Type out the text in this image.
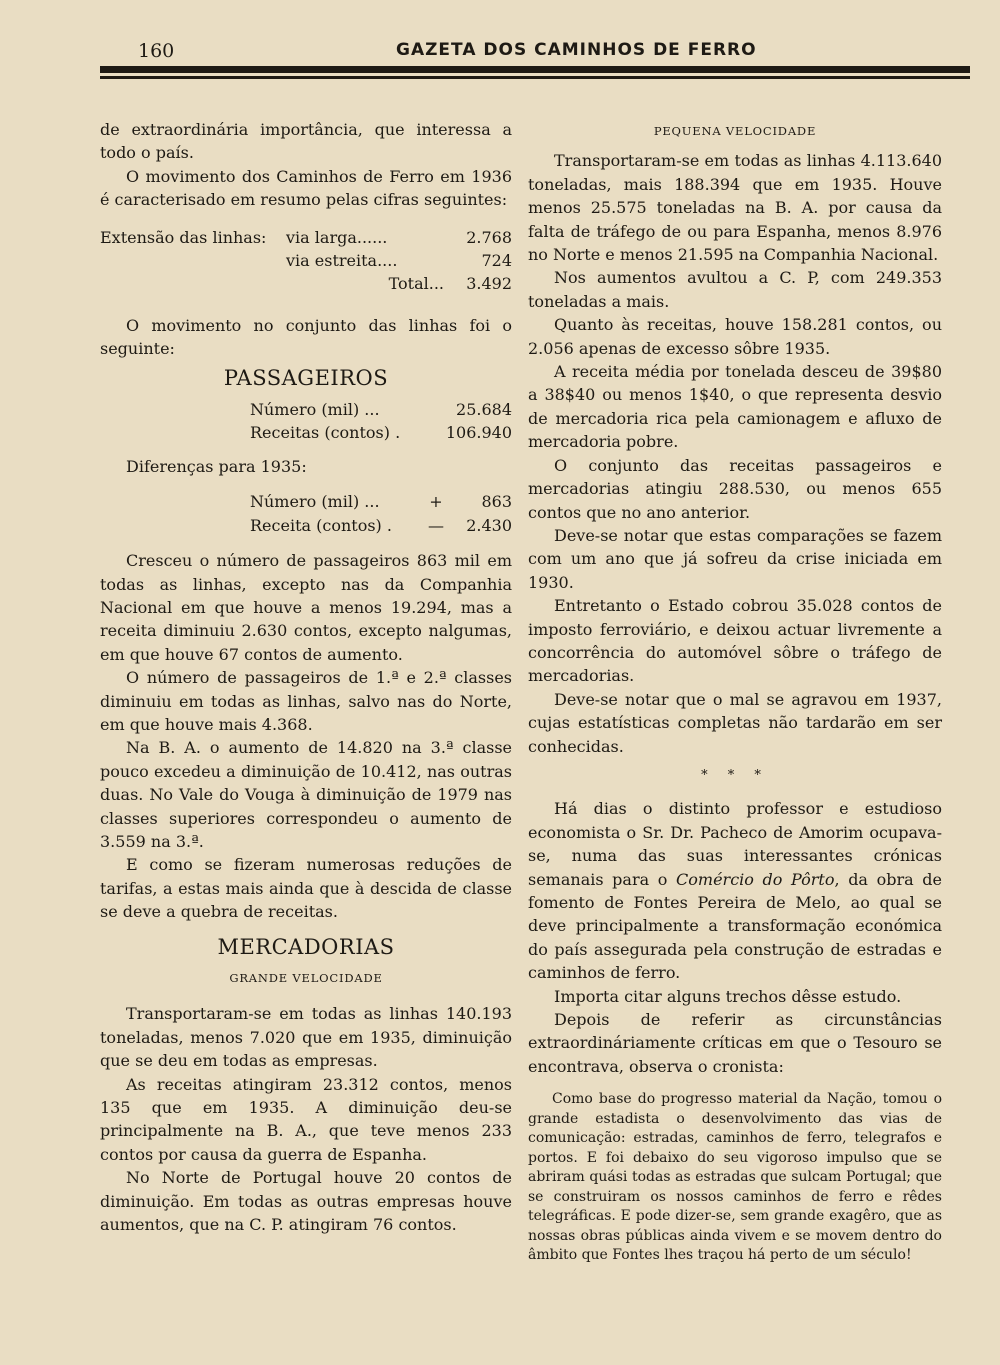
160	GAZETA DOS CAMINHOS DE FERRO

de extraordinária importância, que interessa a todo o país.

O movimento dos Caminhos de Ferro em 1936 é caracterisado em resumo pelas cifras seguintes:

Extensão das linhas:	via larga......	2.768
	via estreita....	724
	Total...	3.492

O movimento no conjunto das linhas foi o seguinte:

PASSAGEIROS
Número (mil) ...		25.684
Receitas (contos) .		106.940

Diferenças para 1935:

Número (mil) ...	+	863
Receita (contos) .	—	2.430

Cresceu o número de passageiros 863 mil em todas as linhas, excepto nas da Companhia Nacional em que houve a menos 19.294, mas a receita diminuiu 2.630 contos, excepto nalgumas, em que houve 67 contos de aumento.

O número de passageiros de 1.ª e 2.ª classes diminuiu em todas as linhas, salvo nas do Norte, em que houve mais 4.368.

Na B. A. o aumento de 14.820 na 3.ª classe pouco excedeu a diminuição de 10.412, nas outras duas. No Vale do Vouga à diminuição de 1979 nas classes superiores correspondeu o aumento de 3.559 na 3.ª.

E como se fizeram numerosas reduções de tarifas, a estas mais ainda que à descida de classe se deve a quebra de receitas.

MERCADORIAS
GRANDE VELOCIDADE

Transportaram-se em todas as linhas 140.193 toneladas, menos 7.020 que em 1935, diminuição que se deu em todas as empresas.

As receitas atingiram 23.312 contos, menos 135 que em 1935. A diminuição deu-se principalmente na B. A., que teve menos 233 contos por causa da guerra de Espanha.

No Norte de Portugal houve 20 contos de diminuição. Em todas as outras empresas houve aumentos, que na C. P. atingiram 76 contos.

PEQUENA VELOCIDADE

Transportaram-se em todas as linhas 4.113.640 toneladas, mais 188.394 que em 1935. Houve menos 25.575 toneladas na B. A. por causa da falta de tráfego de ou para Espanha, menos 8.976 no Norte e menos 21.595 na Companhia Nacional.

Nos aumentos avultou a C. P, com 249.353 toneladas a mais.

Quanto às receitas, houve 158.281 contos, ou 2.056 apenas de excesso sôbre 1935.

A receita média por tonelada desceu de 39$80 a 38$40 ou menos 1$40, o que representa desvio de mercadoria rica pela camionagem e afluxo de mercadoria pobre.

O conjunto das receitas passageiros e mercadorias atingiu 288.530, ou menos 655 contos que no ano anterior.

Deve-se notar que estas comparações se fazem com um ano que já sofreu da crise iniciada em 1930.

Entretanto o Estado cobrou 35.028 contos de imposto ferroviário, e deixou actuar livremente a concorrência do automóvel sôbre o tráfego de mercadorias.

Deve-se notar que o mal se agravou em 1937, cujas estatísticas completas não tardarão em ser conhecidas.

* * *

Há dias o distinto professor e estudioso economista o Sr. Dr. Pacheco de Amorim ocupava-se, numa das suas interessantes crónicas semanais para o Comércio do Pôrto, da obra de fomento de Fontes Pereira de Melo, ao qual se deve principalmente a transformação económica do país assegurada pela construção de estradas e caminhos de ferro.

Importa citar alguns trechos dêsse estudo.

Depois de referir as circunstâncias extraordináriamente críticas em que o Tesouro se encontrava, observa o cronista:

Como base do progresso material da Nação, tomou o grande estadista o desenvolvimento das vias de comunicação: estradas, caminhos de ferro, telegrafos e portos. E foi debaixo do seu vigoroso impulso que se abriram quási todas as estradas que sulcam Portugal; que se construiram os nossos caminhos de ferro e rêdes telegráficas. E pode dizer-se, sem grande exagêro, que as nossas obras públicas ainda vivem e se movem dentro do âmbito que Fontes lhes traçou há perto de um século!
